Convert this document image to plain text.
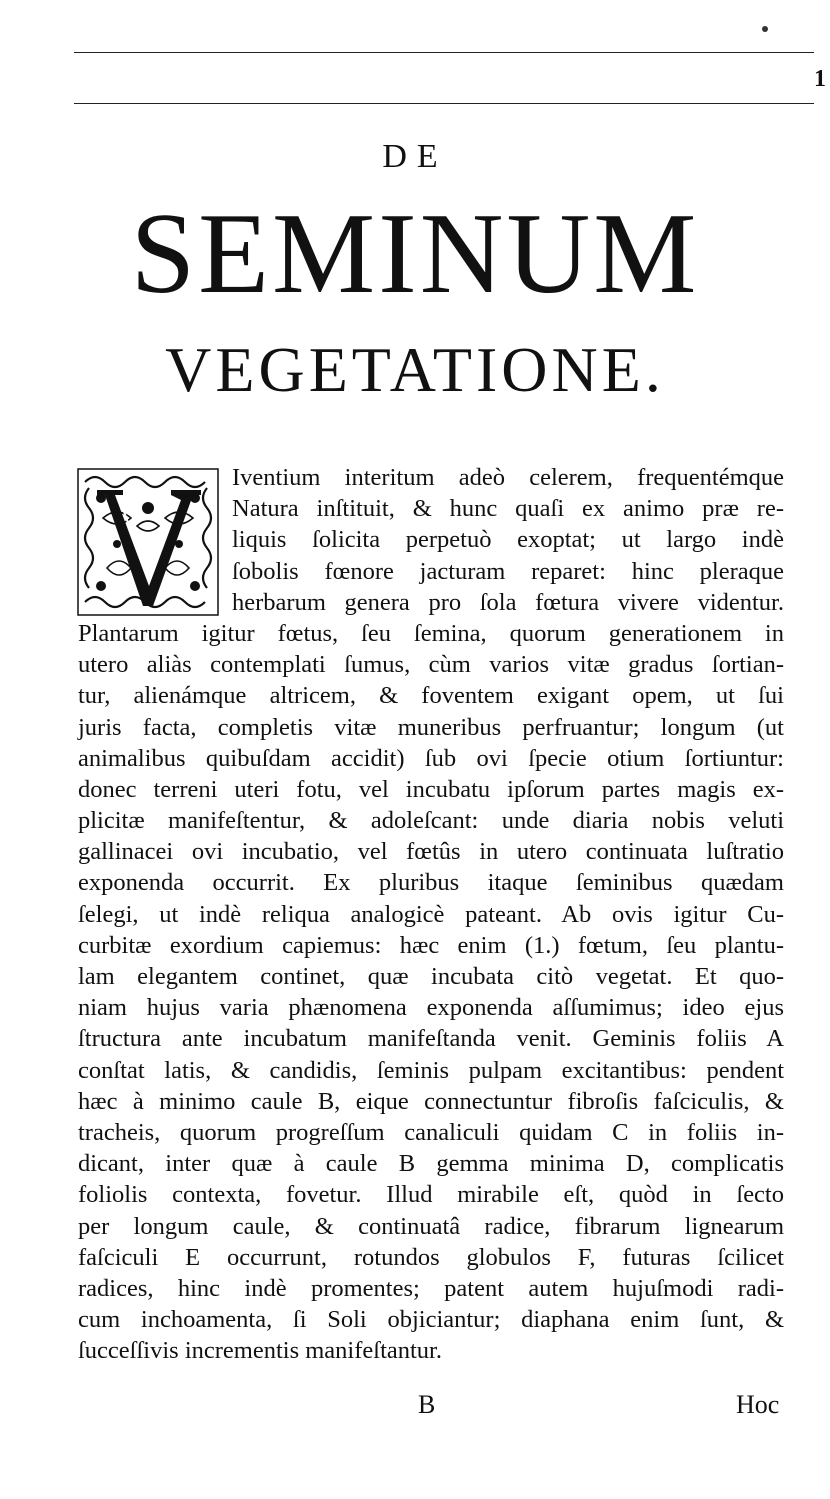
1
DE
SEMINUM
VEGETATIONE.
Iventium interitum adeò celerem, frequentémque
Natura inſtituit, & hunc quaſi ex animo præ re-
liquis ſolicita perpetuò exoptat; ut largo indè
ſobolis fœnore jacturam reparet: hinc pleraque
herbarum genera pro ſola fœtura vivere videntur.
Plantarum igitur fœtus, ſeu ſemina, quorum generationem in
utero aliàs contemplati ſumus, cùm varios vitæ gradus ſortian-
tur, alienámque altricem, & foventem exigant opem, ut ſui
juris facta, completis vitæ muneribus perfruantur; longum (ut
animalibus quibuſdam accidit) ſub ovi ſpecie otium ſortiuntur:
donec terreni uteri fotu, vel incubatu ipſorum partes magis ex-
plicitæ manifeſtentur, & adoleſcant: unde diaria nobis veluti
gallinacei ovi incubatio, vel fœtûs in utero continuata luſtratio
exponenda occurrit. Ex pluribus itaque ſeminibus quædam
ſelegi, ut indè reliqua analogicè pateant. Ab ovis igitur Cu-
curbitæ exordium capiemus: hæc enim (1.) fœtum, ſeu plantu-
lam elegantem continet, quæ incubata citò vegetat. Et quo-
niam hujus varia phænomena exponenda aſſumimus; ideo ejus
ſtructura ante incubatum manifeſtanda venit. Geminis foliis A
conſtat latis, & candidis, ſeminis pulpam excitantibus: pendent
hæc à minimo caule B, eique connectuntur fibroſis faſciculis, &
tracheis, quorum progreſſum canaliculi quidam C in foliis in-
dicant, inter quæ à caule B gemma minima D, complicatis
foliolis contexta, fovetur. Illud mirabile eſt, quòd in ſecto
per longum caule, & continuatâ radice, fibrarum lignearum
faſciculi E occurrunt, rotundos globulos F, futuras ſcilicet
radices, hinc indè promentes; patent autem hujuſmodi radi-
cum inchoamenta, ſi Soli objiciantur; diaphana enim ſunt, &
ſucceſſivis incrementis manifeſtantur.
B	Hoc
